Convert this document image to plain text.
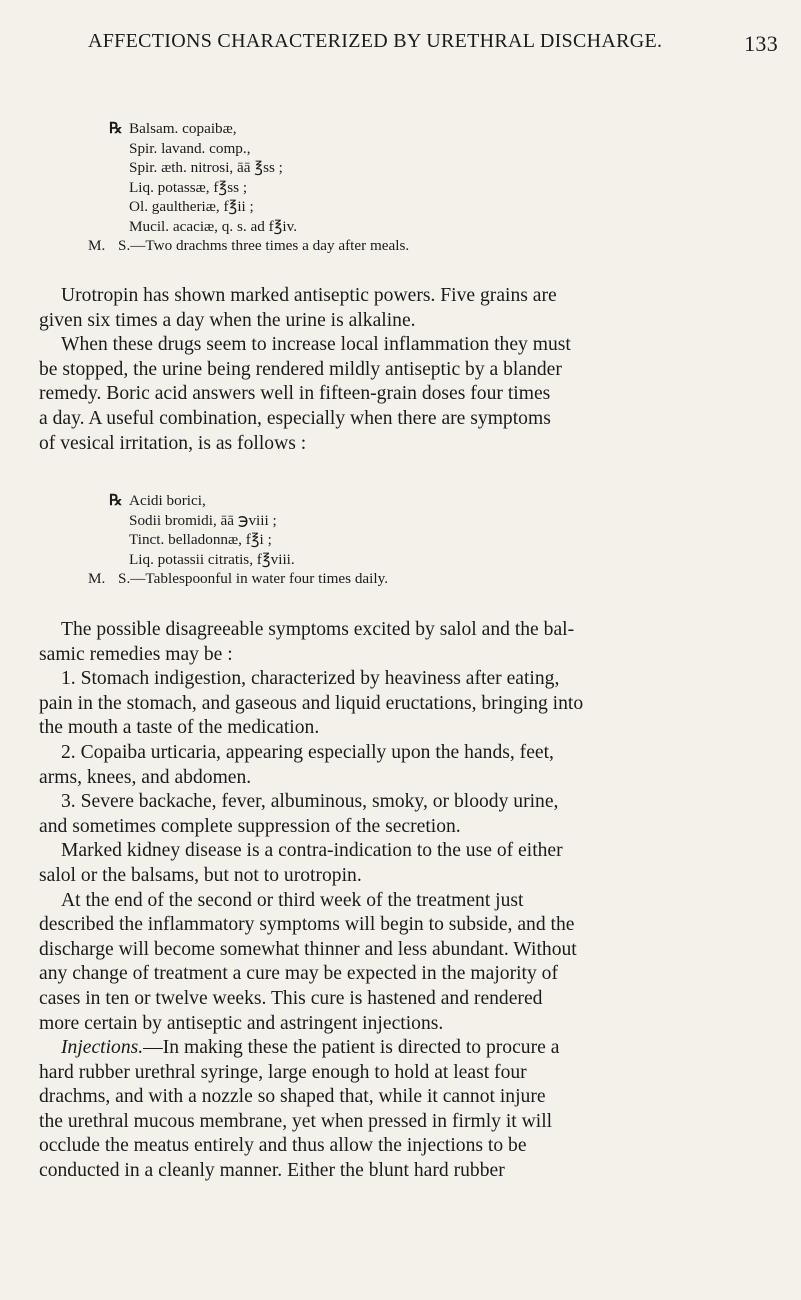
AFFECTIONS CHARACTERIZED BY URETHRAL DISCHARGE.	133
℞ Balsam. copaibæ,
Spir. lavand. comp.,
Spir. æth. nitrosi, āā ℥ss ;
Liq. potassæ, f℥ss ;
Ol. gaultheriæ, f℥ii ;
Mucil. acaciæ, q. s. ad f℥iv.
M. S.—Two drachms three times a day after meals.
Urotropin has shown marked antiseptic powers. Five grains are
given six times a day when the urine is alkaline.
When these drugs seem to increase local inflammation they must
be stopped, the urine being rendered mildly antiseptic by a blander
remedy. Boric acid answers well in fifteen-grain doses four times
a day. A useful combination, especially when there are symptoms
of vesical irritation, is as follows :
℞ Acidi borici,
Sodii bromidi, āā ℈viii ;
Tinct. belladonnæ, f℥i ;
Liq. potassii citratis, f℥viii.
M. S.—Tablespoonful in water four times daily.
The possible disagreeable symptoms excited by salol and the bal-
samic remedies may be :
1. Stomach indigestion, characterized by heaviness after eating,
pain in the stomach, and gaseous and liquid eructations, bringing into
the mouth a taste of the medication.
2. Copaiba urticaria, appearing especially upon the hands, feet,
arms, knees, and abdomen.
3. Severe backache, fever, albuminous, smoky, or bloody urine,
and sometimes complete suppression of the secretion.
Marked kidney disease is a contra-indication to the use of either
salol or the balsams, but not to urotropin.
At the end of the second or third week of the treatment just
described the inflammatory symptoms will begin to subside, and the
discharge will become somewhat thinner and less abundant. Without
any change of treatment a cure may be expected in the majority of
cases in ten or twelve weeks. This cure is hastened and rendered
more certain by antiseptic and astringent injections.
Injections.—In making these the patient is directed to procure a
hard rubber urethral syringe, large enough to hold at least four
drachms, and with a nozzle so shaped that, while it cannot injure
the urethral mucous membrane, yet when pressed in firmly it will
occlude the meatus entirely and thus allow the injections to be
conducted in a cleanly manner. Either the blunt hard rubber
